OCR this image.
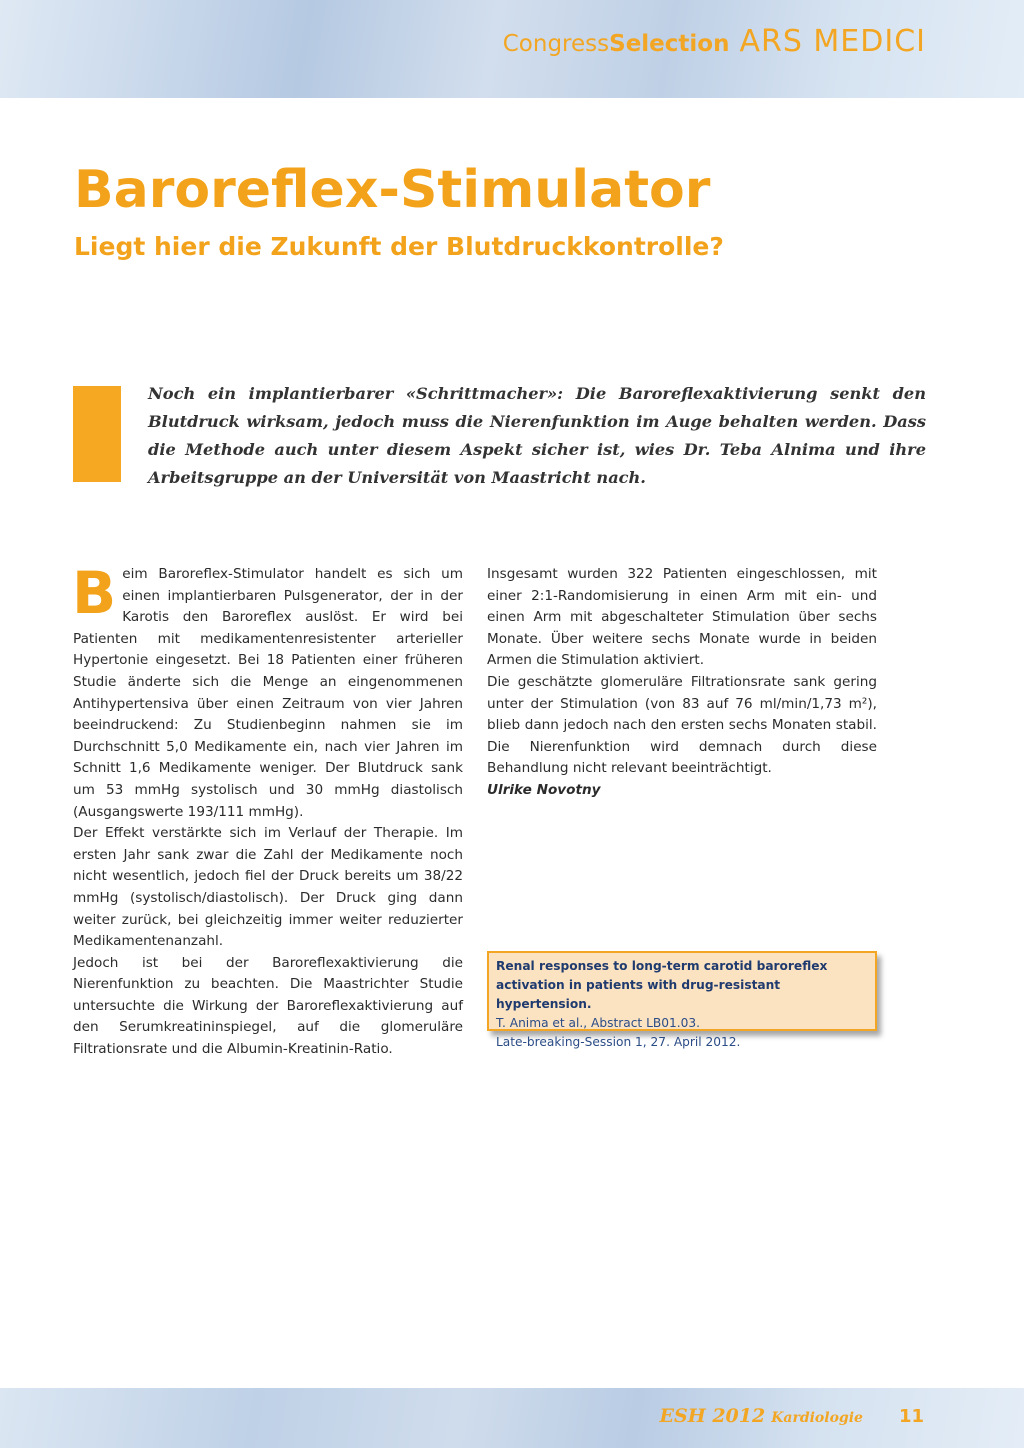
Congress Selection ARS MEDICI
Baroreflex-Stimulator
Liegt hier die Zukunft der Blutdruckkontrolle?

Noch ein implantierbarer «Schrittmacher»: Die Baroreflexaktivierung senkt den Blutdruck wirksam, jedoch muss die Nierenfunktion im Auge behalten werden. Dass die Methode auch unter diesem Aspekt sicher ist, wies Dr. Teba Alnima und ihre Arbeitsgruppe an der Universität von Maastricht nach.

Beim Baroreflex-Stimulator handelt es sich um einen implantierbaren Pulsgenerator, der in der Karotis den Baroreflex auslöst. Er wird bei Patienten mit medikamentenresistenter arterieller Hypertonie eingesetzt. Bei 18 Patienten einer früheren Studie änderte sich die Menge an eingenommenen Antihypertensiva über einen Zeitraum von vier Jahren beeindruckend: Zu Studienbeginn nahmen sie im Durchschnitt 5,0 Medikamente ein, nach vier Jahren im Schnitt 1,6 Medikamente weniger. Der Blutdruck sank um 53 mmHg systolisch und 30 mmHg diastolisch (Ausgangswerte 193/111 mmHg).

Der Effekt verstärkte sich im Verlauf der Therapie. Im ersten Jahr sank zwar die Zahl der Medikamente noch nicht wesentlich, jedoch fiel der Druck bereits um 38/22 mmHg (systolisch/diastolisch). Der Druck ging dann weiter zurück, bei gleichzeitig immer weiter reduzierter Medikamentenanzahl.

Jedoch ist bei der Baroreflexaktivierung die Nierenfunktion zu beachten. Die Maastrichter Studie untersuchte die Wirkung der Baroreflexaktivierung auf den Serumkreatininspiegel, auf die glomeruläre Filtrationsrate und die Albumin-Kreatinin-Ratio.

Insgesamt wurden 322 Patienten eingeschlossen, mit einer 2:1-Randomisierung in einen Arm mit ein- und einen Arm mit abgeschalteter Stimulation über sechs Monate. Über weitere sechs Monate wurde in beiden Armen die Stimulation aktiviert.

Die geschätzte glomeruläre Filtrationsrate sank gering unter der Stimulation (von 83 auf 76 ml/min/1,73 m²), blieb dann jedoch nach den ersten sechs Monaten stabil. Die Nierenfunktion wird demnach durch diese Behandlung nicht relevant beeinträchtigt.

Ulrike Novotny

Renal responses to long-term carotid baroreflex activation in patients with drug-resistant hypertension.
T. Anima et al., Abstract LB01.03.
Late-breaking-Session 1, 27. April 2012.
ESH 2012 Kardiologie 11
